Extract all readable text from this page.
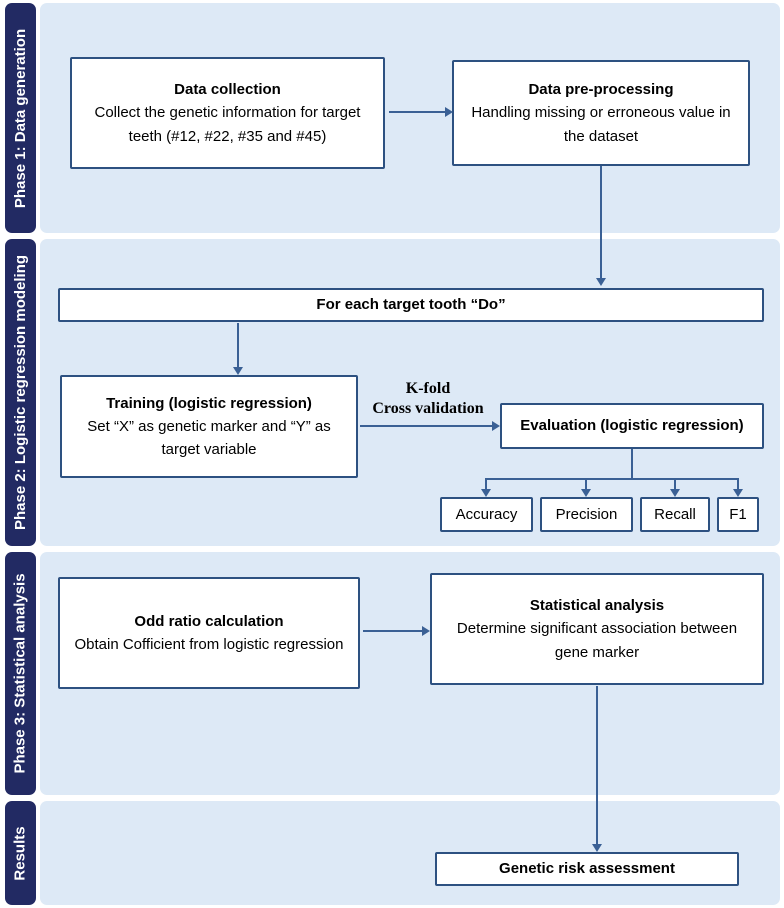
Phase 1: Data generation
Phase 2: Logistic regression modeling
Phase 3: Statistical analysis
Results
Data collection
Collect the genetic information for target teeth (#12, #22, #35 and #45)
Data pre-processing
Handling missing or erroneous value in the dataset
For each target tooth “Do”
Training (logistic regression)
Set “X” as genetic marker and “Y” as target variable
K-fold
Cross validation
Evaluation (logistic regression)
Accuracy	Precision Recall F1
Odd ratio calculation
Obtain Cofficient from logistic regression
Statistical analysis
Determine significant association between gene marker
Genetic risk assessment
